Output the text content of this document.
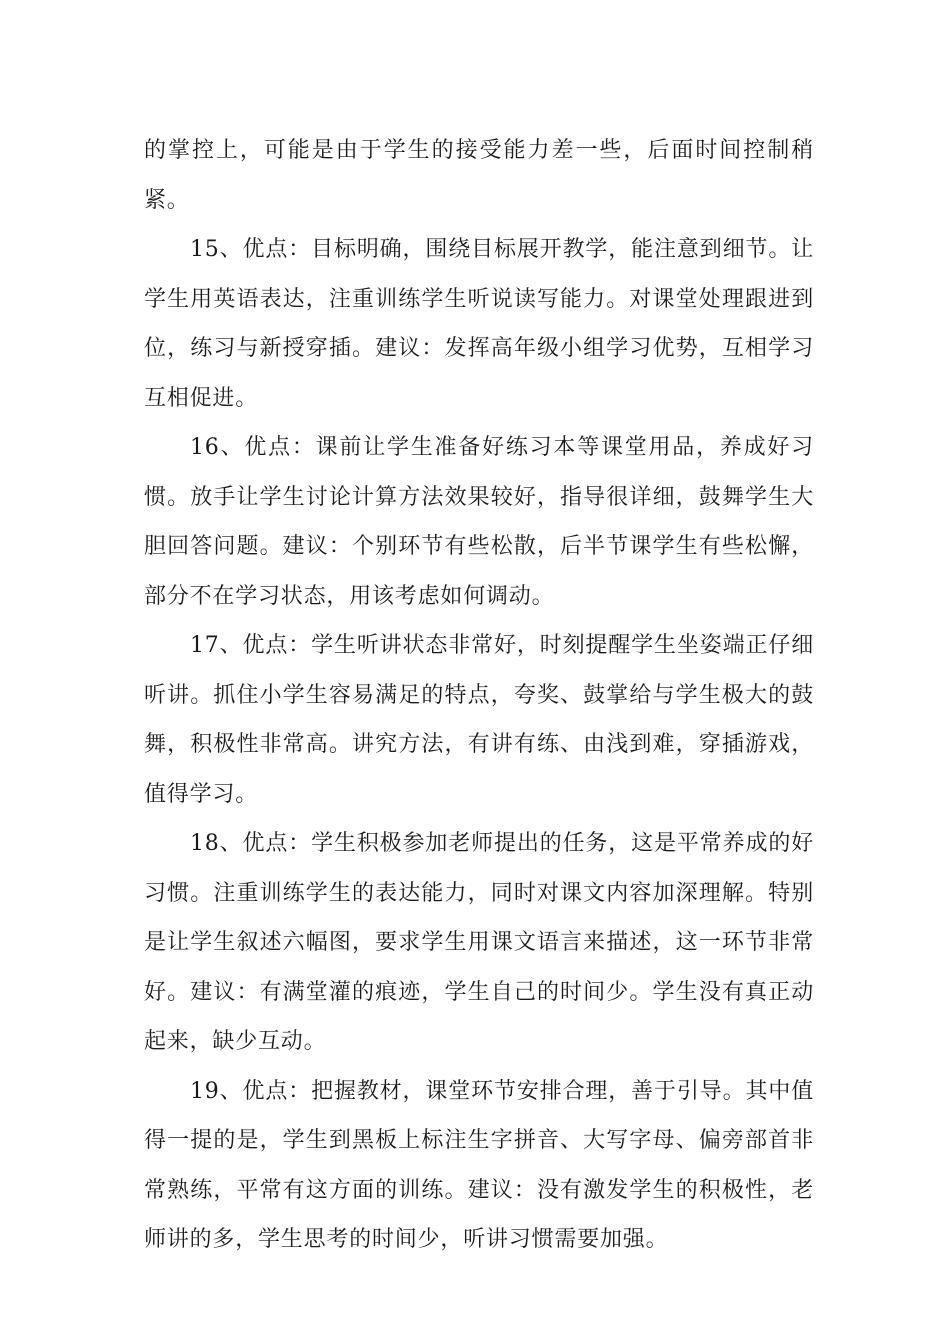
的掌控上，可能是由于学生的接受能力差一些，后面时间控制稍紧。

15、优点：目标明确，围绕目标展开教学，能注意到细节。让学生用英语表达，注重训练学生听说读写能力。对课堂处理跟进到位，练习与新授穿插。建议：发挥高年级小组学习优势，互相学习互相促进。

16、优点：课前让学生准备好练习本等课堂用品，养成好习惯。放手让学生讨论计算方法效果较好，指导很详细，鼓舞学生大胆回答问题。建议：个别环节有些松散，后半节课学生有些松懈，部分不在学习状态，用该考虑如何调动。

17、优点：学生听讲状态非常好，时刻提醒学生坐姿端正仔细听讲。抓住小学生容易满足的特点，夸奖、鼓掌给与学生极大的鼓舞，积极性非常高。讲究方法，有讲有练、由浅到难，穿插游戏，值得学习。

18、优点：学生积极参加老师提出的任务，这是平常养成的好习惯。注重训练学生的表达能力，同时对课文内容加深理解。特别是让学生叙述六幅图，要求学生用课文语言来描述，这一环节非常好。建议：有满堂灌的痕迹，学生自己的时间少。学生没有真正动起来，缺少互动。

19、优点：把握教材，课堂环节安排合理，善于引导。其中值得一提的是，学生到黑板上标注生字拼音、大写字母、偏旁部首非常熟练，平常有这方面的训练。建议：没有激发学生的积极性，老师讲的多，学生思考的时间少，听讲习惯需要加强。
